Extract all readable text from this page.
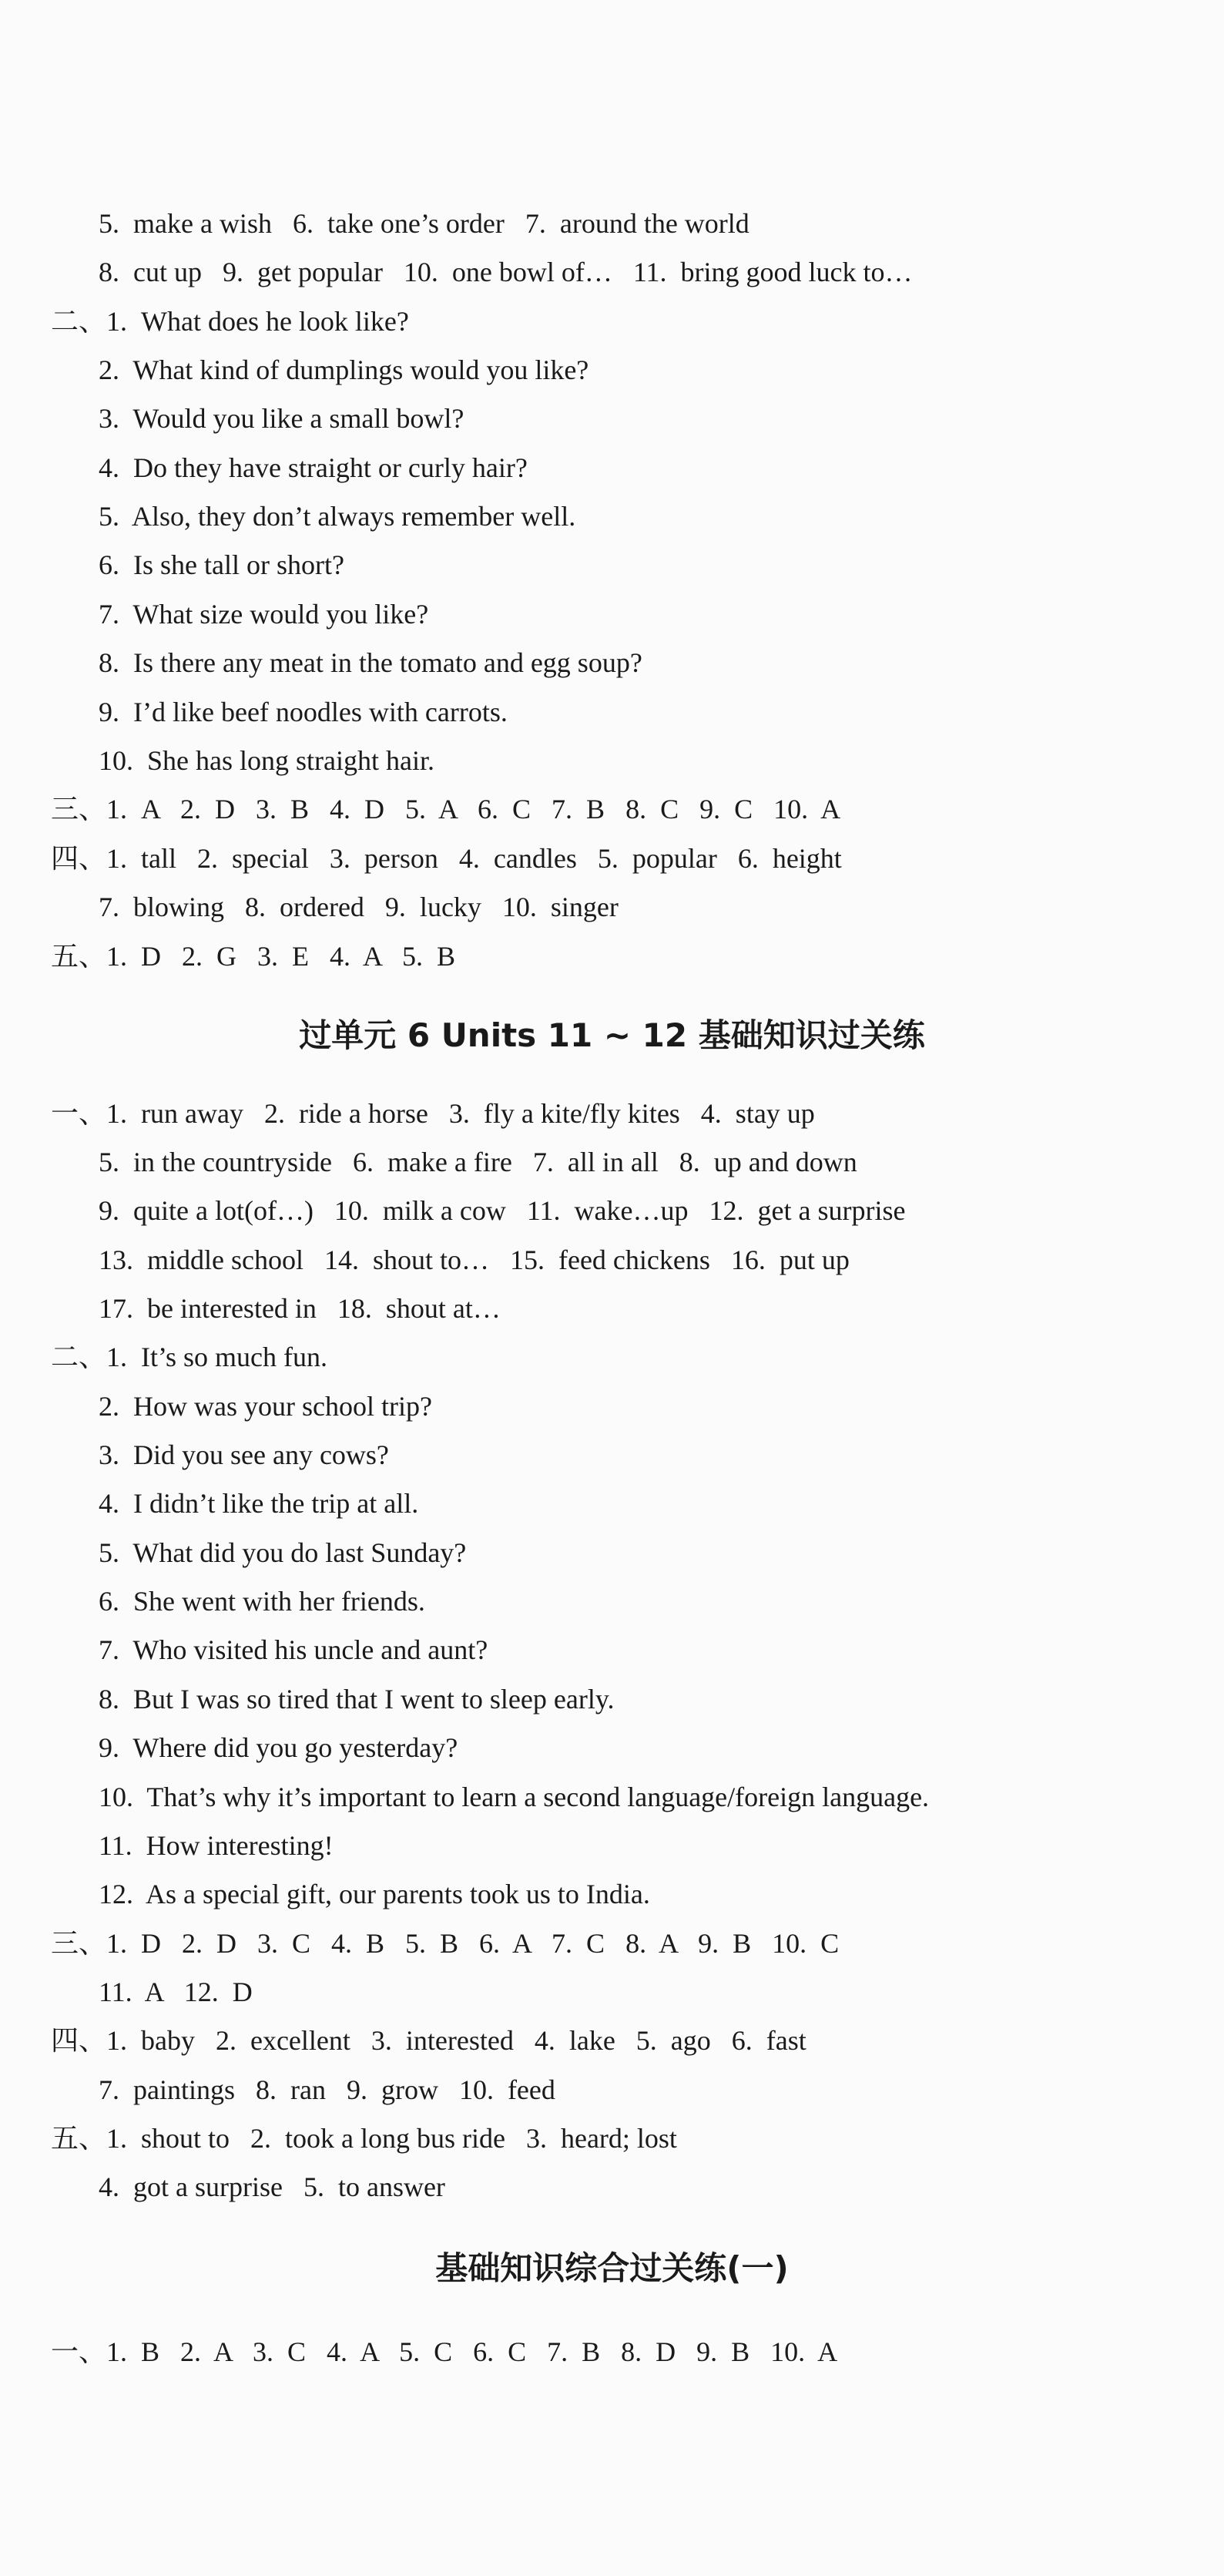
5.  make a wish   6.  take one’s order   7.  around the world
8.  cut up   9.  get popular   10.  one bowl of…   11.  bring good luck to…
二、1.  What does he look like?
2.  What kind of dumplings would you like?
3.  Would you like a small bowl?
4.  Do they have straight or curly hair?
5.  Also, they don’t always remember well.
6.  Is she tall or short?
7.  What size would you like?
8.  Is there any meat in the tomato and egg soup?
9.  I’d like beef noodles with carrots.
10.  She has long straight hair.
三、1.  A   2.  D   3.  B   4.  D   5.  A   6.  C   7.  B   8.  C   9.  C   10.  A
四、1.  tall   2.  special   3.  person   4.  candles   5.  popular   6.  height
7.  blowing   8.  ordered   9.  lucky   10.  singer
五、1.  D   2.  G   3.  E   4.  A   5.  B
过单元 6 Units 11 ~ 12 基础知识过关练
一、1.  run away   2.  ride a horse   3.  fly a kite/fly kites   4.  stay up
5.  in the countryside   6.  make a fire   7.  all in all   8.  up and down
9.  quite a lot(of…)   10.  milk a cow   11.  wake…up   12.  get a surprise
13.  middle school   14.  shout to…   15.  feed chickens   16.  put up
17.  be interested in   18.  shout at…
二、1.  It’s so much fun.
2.  How was your school trip?
3.  Did you see any cows?
4.  I didn’t like the trip at all.
5.  What did you do last Sunday?
6.  She went with her friends.
7.  Who visited his uncle and aunt?
8.  But I was so tired that I went to sleep early.
9.  Where did you go yesterday?
10.  That’s why it’s important to learn a second language/foreign language.
11.  How interesting!
12.  As a special gift, our parents took us to India.
三、1.  D   2.  D   3.  C   4.  B   5.  B   6.  A   7.  C   8.  A   9.  B   10.  C
11.  A   12.  D
四、1.  baby   2.  excellent   3.  interested   4.  lake   5.  ago   6.  fast
7.  paintings   8.  ran   9.  grow   10.  feed
五、1.  shout to   2.  took a long bus ride   3.  heard; lost
4.  got a surprise   5.  to answer
基础知识综合过关练(一)
一、1.  B   2.  A   3.  C   4.  A   5.  C   6.  C   7.  B   8.  D   9.  B   10.  A
